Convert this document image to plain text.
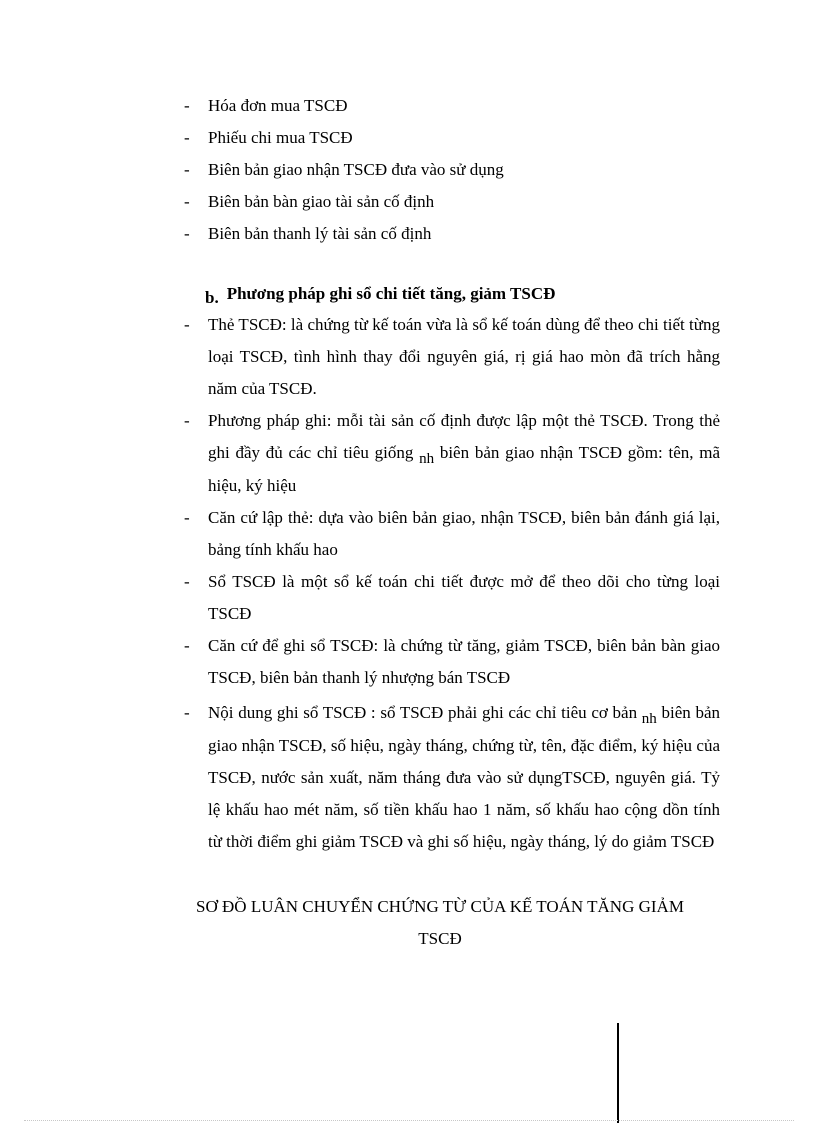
- Hóa đơn mua TSCĐ
- Phiếu chi mua TSCĐ
- Biên bản giao nhận TSCĐ đưa vào sử dụng
- Biên bản bàn giao tài sản cố định
- Biên bản thanh lý tài sản cố định
b. Phương pháp ghi sổ chi tiết tăng, giảm TSCĐ
- Thẻ TSCĐ: là chứng từ kế toán vừa là sổ kế toán dùng để theo chi tiết từng loại TSCĐ, tình hình thay đổi nguyên giá, rị giá hao mòn đã trích hằng năm của TSCĐ.
- Phương pháp ghi: mỗi tài sản cố định được lập một thẻ TSCĐ. Trong thẻ ghi đầy đủ các chỉ tiêu giống nh biên bản giao nhận TSCĐ gồm: tên, mã hiệu, ký hiệu
- Căn cứ lập thẻ: dựa vào biên bản giao, nhận TSCĐ, biên bản đánh giá lại, bảng tính khấu hao
- Sổ TSCĐ là một sổ kế toán chi tiết được mở để theo dõi cho từng loại TSCĐ
- Căn cứ để ghi sổ TSCĐ: là chứng từ tăng, giảm TSCĐ, biên bản bàn giao TSCĐ, biên bản thanh lý nhượng bán TSCĐ
- Nội dung ghi sổ TSCĐ : sổ TSCĐ phải ghi các chỉ tiêu cơ bản nh biên bản giao nhận TSCĐ, số hiệu, ngày tháng, chứng từ, tên, đặc điểm, ký hiệu của TSCĐ, nước sản xuất, năm tháng đưa vào sử dụngTSCĐ, nguyên giá. Tỷ lệ khấu hao mét năm, số tiền khấu hao 1 năm, số khấu hao cộng dồn tính từ thời điểm ghi giảm TSCĐ và ghi số hiệu, ngày tháng, lý do giảm TSCĐ
SƠ ĐỒ LUÂN CHUYỂN CHỨNG TỪ CỦA KẾ TOÁN TĂNG GIẢM
TSCĐ
